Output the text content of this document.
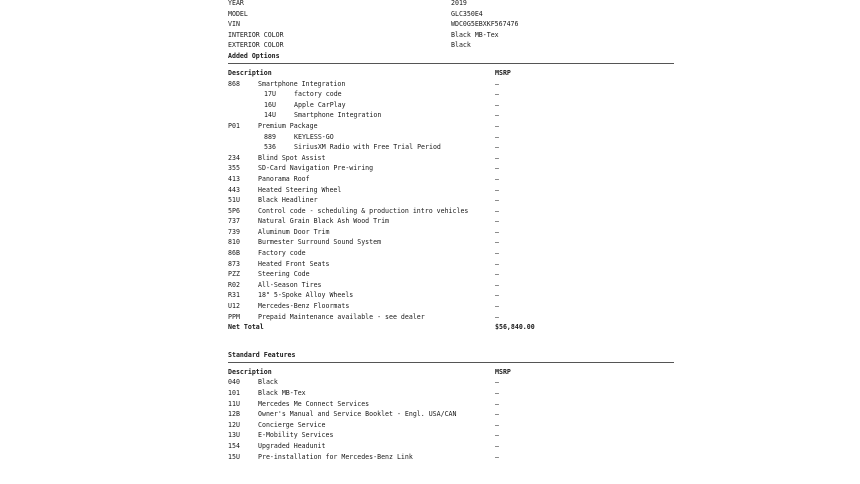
YEAR	2019
MODEL	GLC350E4
VIN	WDC0G5EBXKF567476
INTERIOR COLOR	Black MB-Tex
EXTERIOR COLOR	Black
Added Options
Description	MSRP
868	Smartphone Integration	—
17U	factory code	—
16U	Apple CarPlay	—
14U	Smartphone Integration	—
P01	Premium Package	—
889	KEYLESS-GO	—
536	SiriusXM Radio with Free Trial Period	—
234	Blind Spot Assist	—
355	SD-Card Navigation Pre-wiring	—
413	Panorama Roof	—
443	Heated Steering Wheel	—
51U	Black Headliner	—
5P6	Control code - scheduling & production intro vehicles	—
737	Natural Grain Black Ash Wood Trim	—
739	Aluminum Door Trim	—
810	Burmester Surround Sound System	—
86B	Factory code	—
873	Heated Front Seats	—
PZZ	Steering Code	—
R02	All-Season Tires	—
R31	18" 5-Spoke Alloy Wheels	—
U12	Mercedes-Benz Floormats	—
PPM	Prepaid Maintenance available - see dealer	—
Net Total	$56,840.00
Standard Features
Description	MSRP
040	Black	—
101	Black MB-Tex	—
11U	Mercedes Me Connect Services	—
12B	Owner's Manual and Service Booklet - Engl. USA/CAN	—
12U	Concierge Service	—
13U	E-Mobility Services	—
154	Upgraded Headunit	—
15U	Pre-installation for Mercedes-Benz Link	—
